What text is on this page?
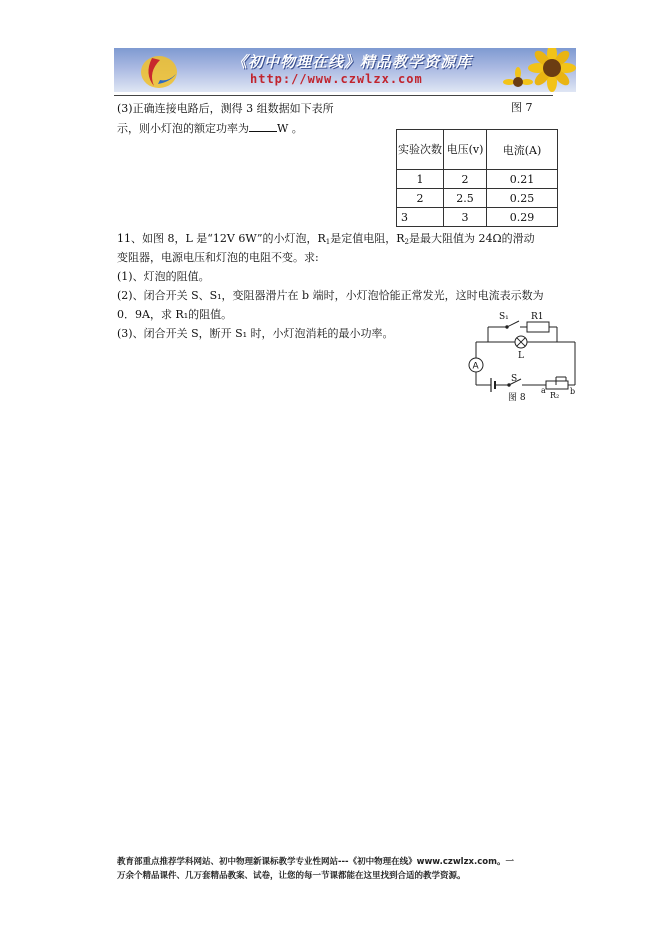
《初中物理在线》精品教学资源库
http://www.czwlzx.com
图 7
(3)正确连接电路后，测得 3 组数据如下表所
示，则小灯泡的额定功率为	W 。
实验次数	电压(v)	电流(A)
1	2	0.21
2	2.5	0.25
3	3	0.29
11、如图 8，L 是“12V 6W”的小灯泡，$R_1$是定值电阻，$R_2$是最大阻值为 24Ω的滑动
变阻器，电源电压和灯泡的电阻不变。求:
(1)、灯泡的阻值。
(2)、闭合开关 S、S₁，变阻器滑片在 b 端时，小灯泡恰能正常发光，这时电流表示数为
0．9A，求 R₁的阻值。
(3)、闭合开关 S，断开 S₁ 时，小灯泡消耗的最小功率。
S₁ R1
L
A
S
a
R₂ b
图 8
教育部重点推荐学科网站、初中物理新课标教学专业性网站---《初中物理在线》www.czwlzx.com。一
万余个精品课件、几万套精品教案、试卷，让您的每一节课都能在这里找到合适的教学资源。
